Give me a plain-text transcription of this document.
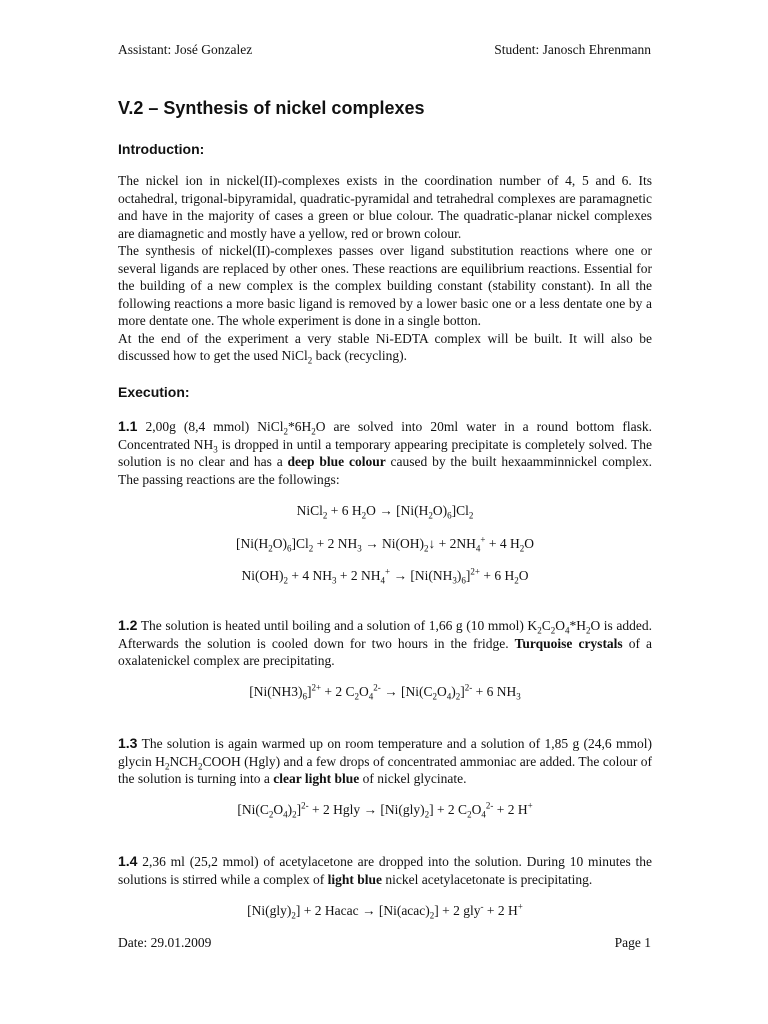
Assistant: José Gonzalez	Student: Janosch Ehrenmann
V.2 – Synthesis of nickel complexes
Introduction:
The nickel ion in nickel(II)-complexes exists in the coordination number of 4, 5 and 6. Its octahedral, trigonal-bipyramidal, quadratic-pyramidal and tetrahedral complexes are paramagnetic and have in the majority of cases a green or blue colour. The quadratic-planar nickel complexes are diamagnetic and mostly have a yellow, red or brown colour.
The synthesis of nickel(II)-complexes passes over ligand substitution reactions where one or several ligands are replaced by other ones. These reactions are equilibrium reactions. Essential for the building of a new complex is the complex building constant (stability constant). In all the following reactions a more basic ligand is removed by a lower basic one or a less dentate one by a more dentate one. The whole experiment is done in a single botton.
At the end of the experiment a very stable Ni-EDTA complex will be built. It will also be discussed how to get the used NiCl$_2$ back (recycling).
Execution:
1.1 2,00g (8,4 mmol) $NiCl_2*6H_2O$ are solved into 20ml water in a round bottom flask. Concentrated $NH_3$ is dropped in until a temporary appearing precipitate is completely solved. The solution is no clear and has a deep blue colour caused by the built hexaamminnickel complex. The passing reactions are the followings:
NiCl$_2$ + 6 $H_2O \to [Ni(H_2O)_6]Cl_2$
$[Ni(H_2O)_6]Cl_2 + 2$ $NH_3$ → $Ni(OH)_2↓ + 2NH_4^+ + 4$ $H_2O$
$Ni(OH)_2 + 4$ $NH_3 + 2$ $NH_4^+ \to [Ni(NH_3)_6]^{2+} + 6$ $H_2O$
1.2 The solution is heated until boiling and a solution of 1,66 g (10 mmol) $K_2C_2O_4*H_2O$ is added. Afterwards the solution is cooled down for two hours in the fridge. Turquoise crystals of a oxalatenickel complex are precipitating.
$[Ni(NH3)_6]^{2+} + 2$ $C_2O_4^{2-} \to [Ni(C_2O_4)_2]^{2-} + 6$ $NH_3$
1.3 The solution is again warmed up on room temperature and a solution of 1,85 g (24,6 mmol) glycin $H_2NCH_2COOH$ (Hgly) and a few drops of concentrated ammoniac are added. The colour of the solution is turning into a clear light blue of nickel glycinate.
$[Ni(C_2O_4)_2]^{2-} + 2$ Hgly → $[Ni(gly)_2] + 2$ $C_2O_4^{2-} + 2$ H+
1.4 2,36 ml (25,2 mmol) of acetylacetone are dropped into the solution. During 10 minutes the solutions is stirred while a complex of light blue nickel acetylacetonate is precipitating.
$[Ni(gly)_2] + 2$ Hacac → $[Ni(acac)_2] + 2$ gly- + 2 H+
Date: 29.01.2009	Page 1
